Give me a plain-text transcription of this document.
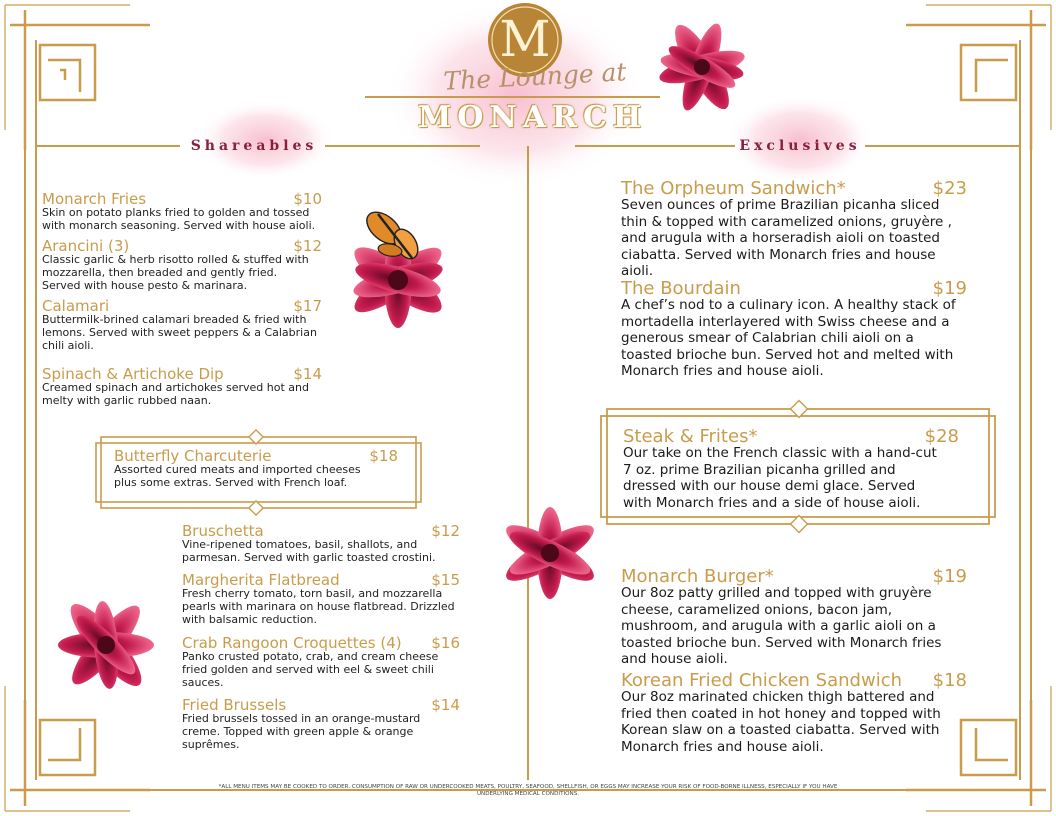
M
The Lounge at
MONARCH
Shareables	Exclusives
Monarch Fries	$10
Skin on potato planks fried to golden and tossed with monarch seasoning. Served with house aioli.
Arancini (3)	$12
Classic garlic & herb risotto rolled & stuffed with mozzarella, then breaded and gently fried. Served with house pesto & marinara.
Calamari	$17
Buttermilk-brined calamari breaded & fried with lemons. Served with sweet peppers & a Calabrian chili aioli.
Spinach & Artichoke Dip	$14
Creamed spinach and artichokes served hot and melty with garlic rubbed naan.
Butterfly Charcuterie	$18
Assorted cured meats and imported cheeses plus some extras. Served with French loaf.
Bruschetta	$12
Vine-ripened tomatoes, basil, shallots, and parmesan. Served with garlic toasted crostini.
Margherita Flatbread	$15
Fresh cherry tomato, torn basil, and mozzarella pearls with marinara on house flatbread. Drizzled with balsamic reduction.
Crab Rangoon Croquettes (4) $16
Panko crusted potato, crab, and cream cheese fried golden and served with eel & sweet chili sauces.
Fried Brussels	$14
Fried brussels tossed in an orange-mustard creme. Topped with green apple & orange suprêmes.
The Orpheum Sandwich*	$23
Seven ounces of prime Brazilian picanha sliced thin & topped with caramelized onions, gruyère , and arugula with a horseradish aioli on toasted ciabatta. Served with Monarch fries and house aioli.
The Bourdain	$19
A chef’s nod to a culinary icon. A healthy stack of mortadella interlayered with Swiss cheese and a generous smear of Calabrian chili aioli on a toasted brioche bun. Served hot and melted with Monarch fries and house aioli.
Steak & Frites*	$28
Our take on the French classic with a hand-cut 7 oz. prime Brazilian picanha grilled and dressed with our house demi glace. Served with Monarch fries and a side of house aioli.
Monarch Burger*	$19
Our 8oz patty grilled and topped with gruyère cheese, caramelized onions, bacon jam, mushroom, and arugula with a garlic aioli on a toasted brioche bun. Served with Monarch fries and house aioli.
Korean Fried Chicken Sandwich $18
Our 8oz marinated chicken thigh battered and fried then coated in hot honey and topped with Korean slaw on a toasted ciabatta. Served with Monarch fries and house aioli.
*ALL MENU ITEMS MAY BE COOKED TO ORDER. CONSUMPTION OF RAW OR UNDERCOOKED MEATS, POULTRY, SEAFOOD, SHELLFISH, OR EGGS MAY INCREASE YOUR RISK OF FOOD-BORNE ILLNESS, ESPECIALLY IF YOU HAVE UNDERLYING MEDICAL CONDITIONS.
